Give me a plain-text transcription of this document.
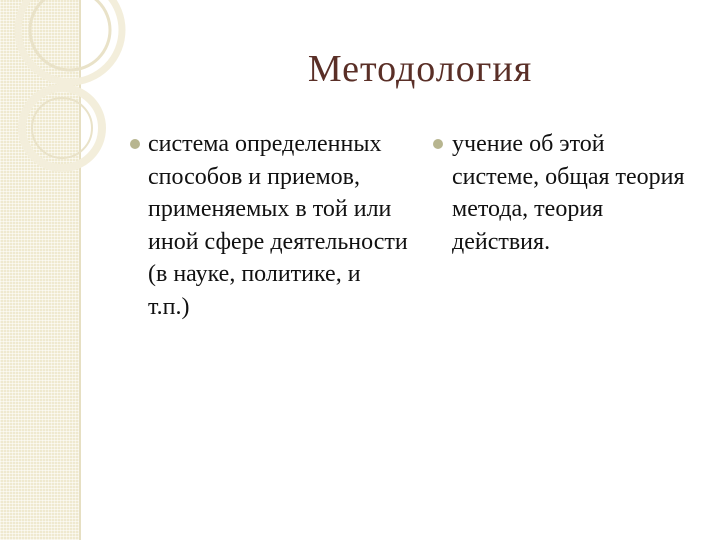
Методология
система определенных способов и приемов, применяемых в той или иной сфере деятельности (в науке, политике, и т.п.)
учение об этой системе, общая теория метода, теория действия.
